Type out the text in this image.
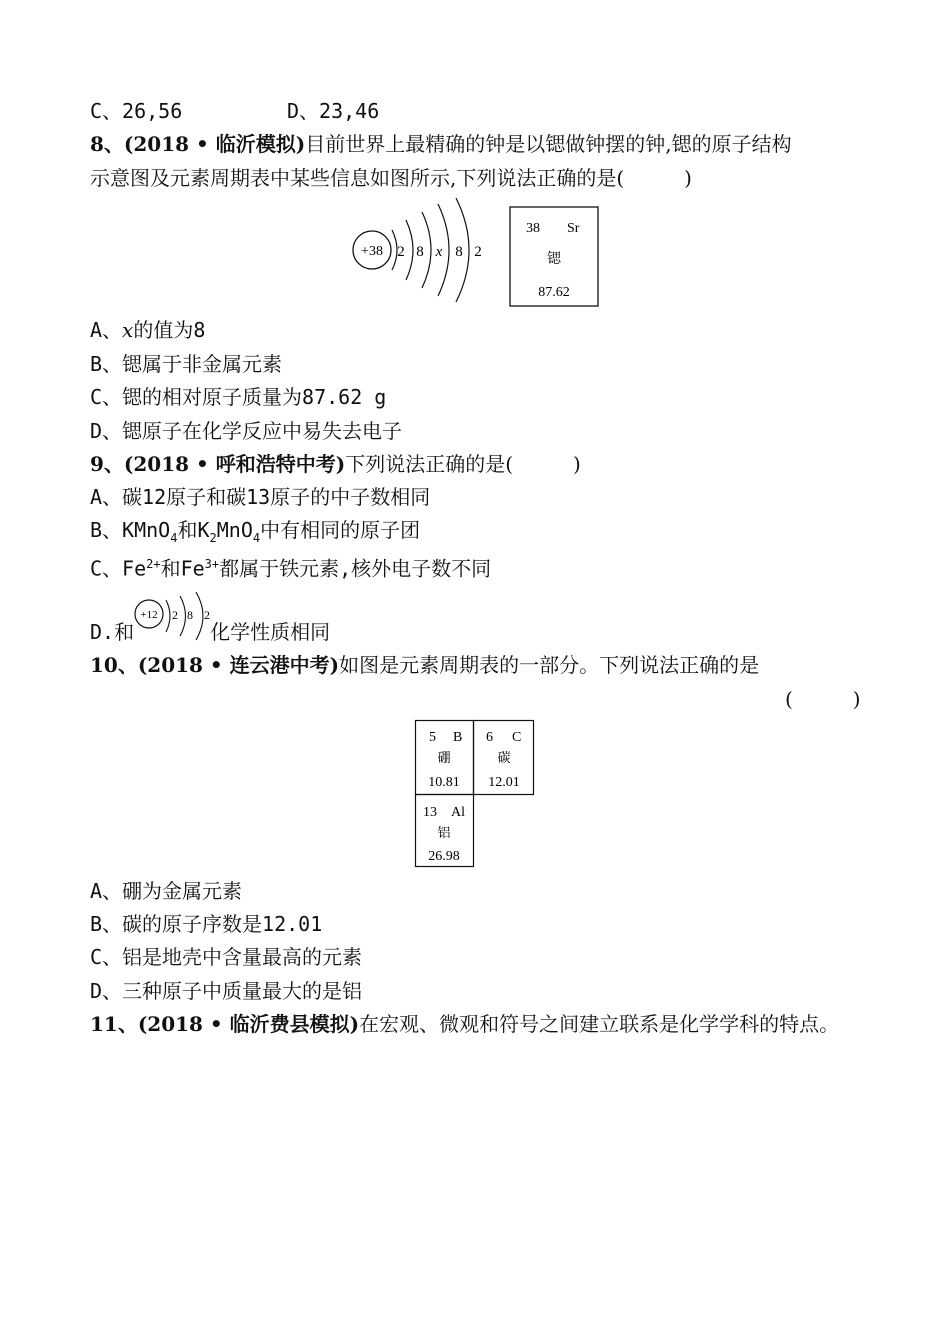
C、26,56	D、23,46
8、(2018 • 临沂模拟)目前世界上最精确的钟是以锶做钟摆的钟,锶的原子结构
示意图及元素周期表中某些信息如图所示,下列说法正确的是(　　　)
+38 2 8 x 8 2
38 Sr
锶
87.62
A、x的值为8
B、锶属于非金属元素
C、锶的相对原子质量为87.62 g
D、锶原子在化学反应中易失去电子
9、(2018 • 呼和浩特中考)下列说法正确的是(　　　)
A、碳12原子和碳13原子的中子数相同
B、KMnO$_4$和$K_2MnO_4$中有相同的原子团
C、$Fe^{2+}$和$Fe^{3+}$都属于铁元素,核外电子数不同
D.和	化学性质相同
+12 2 8 2
10、(2018 • 连云港中考)如图是元素周期表的一部分。下列说法正确的是
(　　　)
5 B
硼
10.81
6 C
碳
12.01
13 Al
铝
26.98
A、硼为金属元素
B、碳的原子序数是12.01
C、铝是地壳中含量最高的元素
D、三种原子中质量最大的是铝
11、(2018 • 临沂费县模拟)在宏观、微观和符号之间建立联系是化学学科的特点。
